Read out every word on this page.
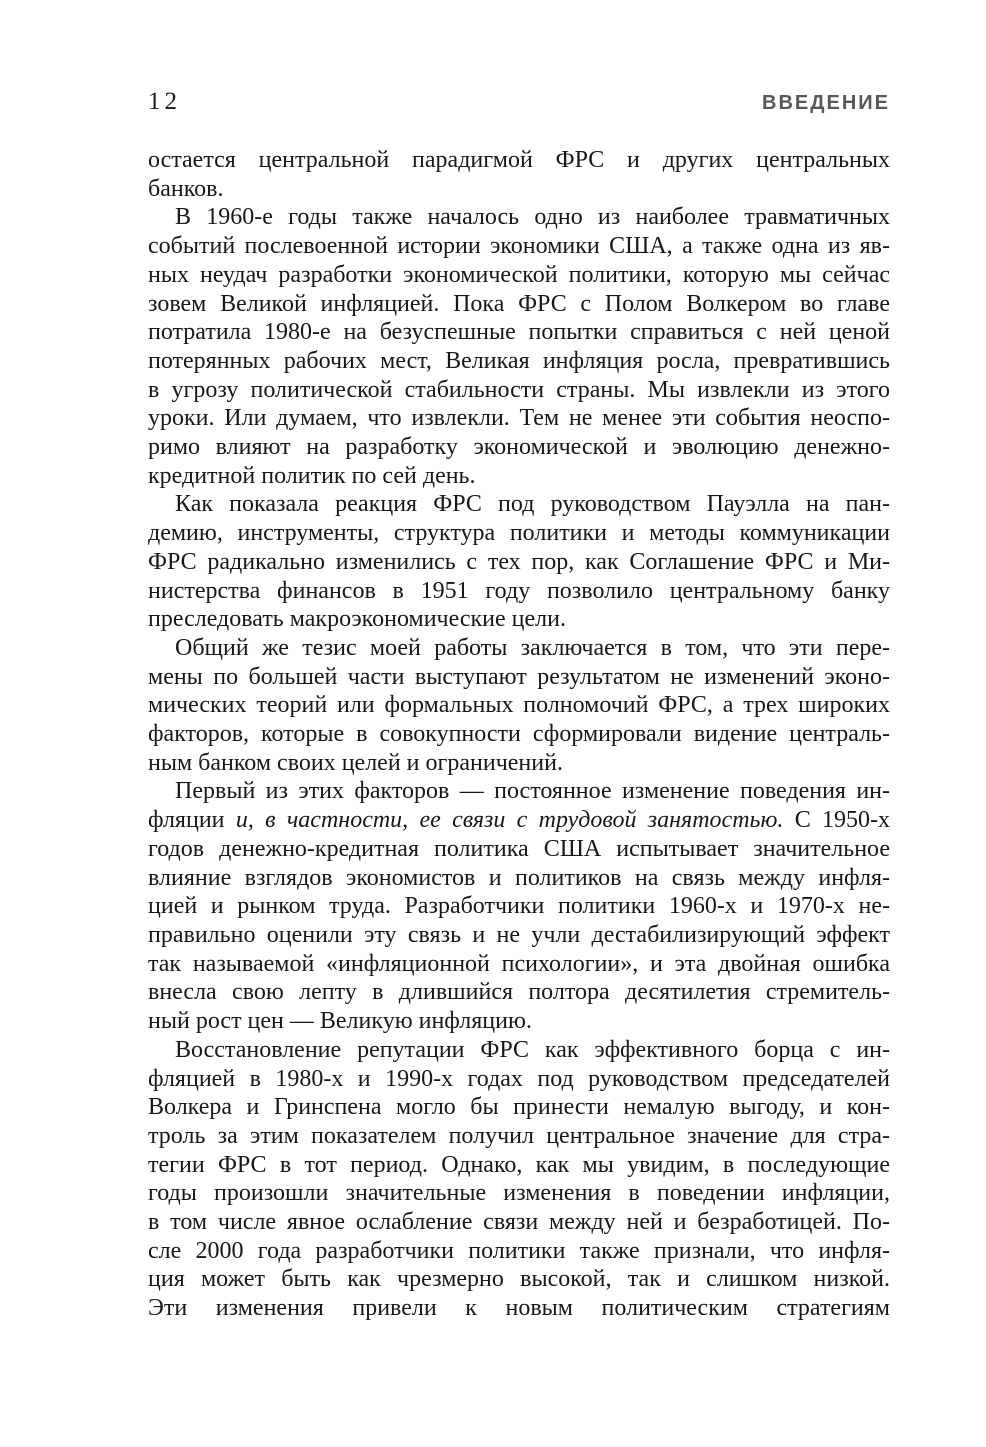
12	ВВЕДЕНИЕ
остается центральной парадигмой ФРС и других центральных
банков.
В 1960-е годы также началось одно из наиболее травматичных
событий послевоенной истории экономики США, а также одна из яв-
ных неудач разработки экономической политики, которую мы сейчас
зовем Великой инфляцией. Пока ФРС с Полом Волкером во главе
потратила 1980-е на безуспешные попытки справиться с ней ценой
потерянных рабочих мест, Великая инфляция росла, превратившись
в угрозу политической стабильности страны. Мы извлекли из этого
уроки. Или думаем, что извлекли. Тем не менее эти события неоспо-
римо влияют на разработку экономической и эволюцию денежно-
кредитной политик по сей день.
Как показала реакция ФРС под руководством Пауэлла на пан-
демию, инструменты, структура политики и методы коммуникации
ФРС радикально изменились с тех пор, как Соглашение ФРС и Ми-
нистерства финансов в 1951 году позволило центральному банку
преследовать макроэкономические цели.
Общий же тезис моей работы заключается в том, что эти пере-
мены по большей части выступают результатом не изменений эконо-
мических теорий или формальных полномочий ФРС, а трех широких
факторов, которые в совокупности сформировали видение централь-
ным банком своих целей и ограничений.
Первый из этих факторов — постоянное изменение поведения ин-
фляции и, в частности, ее связи с трудовой занятостью. С 1950-х
годов денежно-кредитная политика США испытывает значительное
влияние взглядов экономистов и политиков на связь между инфля-
цией и рынком труда. Разработчики политики 1960-х и 1970-х не-
правильно оценили эту связь и не учли дестабилизирующий эффект
так называемой «инфляционной психологии», и эта двойная ошибка
внесла свою лепту в длившийся полтора десятилетия стремитель-
ный рост цен — Великую инфляцию.
Восстановление репутации ФРС как эффективного борца с ин-
фляцией в 1980-х и 1990-х годах под руководством председателей
Волкера и Гринспена могло бы принести немалую выгоду, и кон-
троль за этим показателем получил центральное значение для стра-
тегии ФРС в тот период. Однако, как мы увидим, в последующие
годы произошли значительные изменения в поведении инфляции,
в том числе явное ослабление связи между ней и безработицей. По-
сле 2000 года разработчики политики также признали, что инфля-
ция может быть как чрезмерно высокой, так и слишком низкой.
Эти изменения привели к новым политическим стратегиям
